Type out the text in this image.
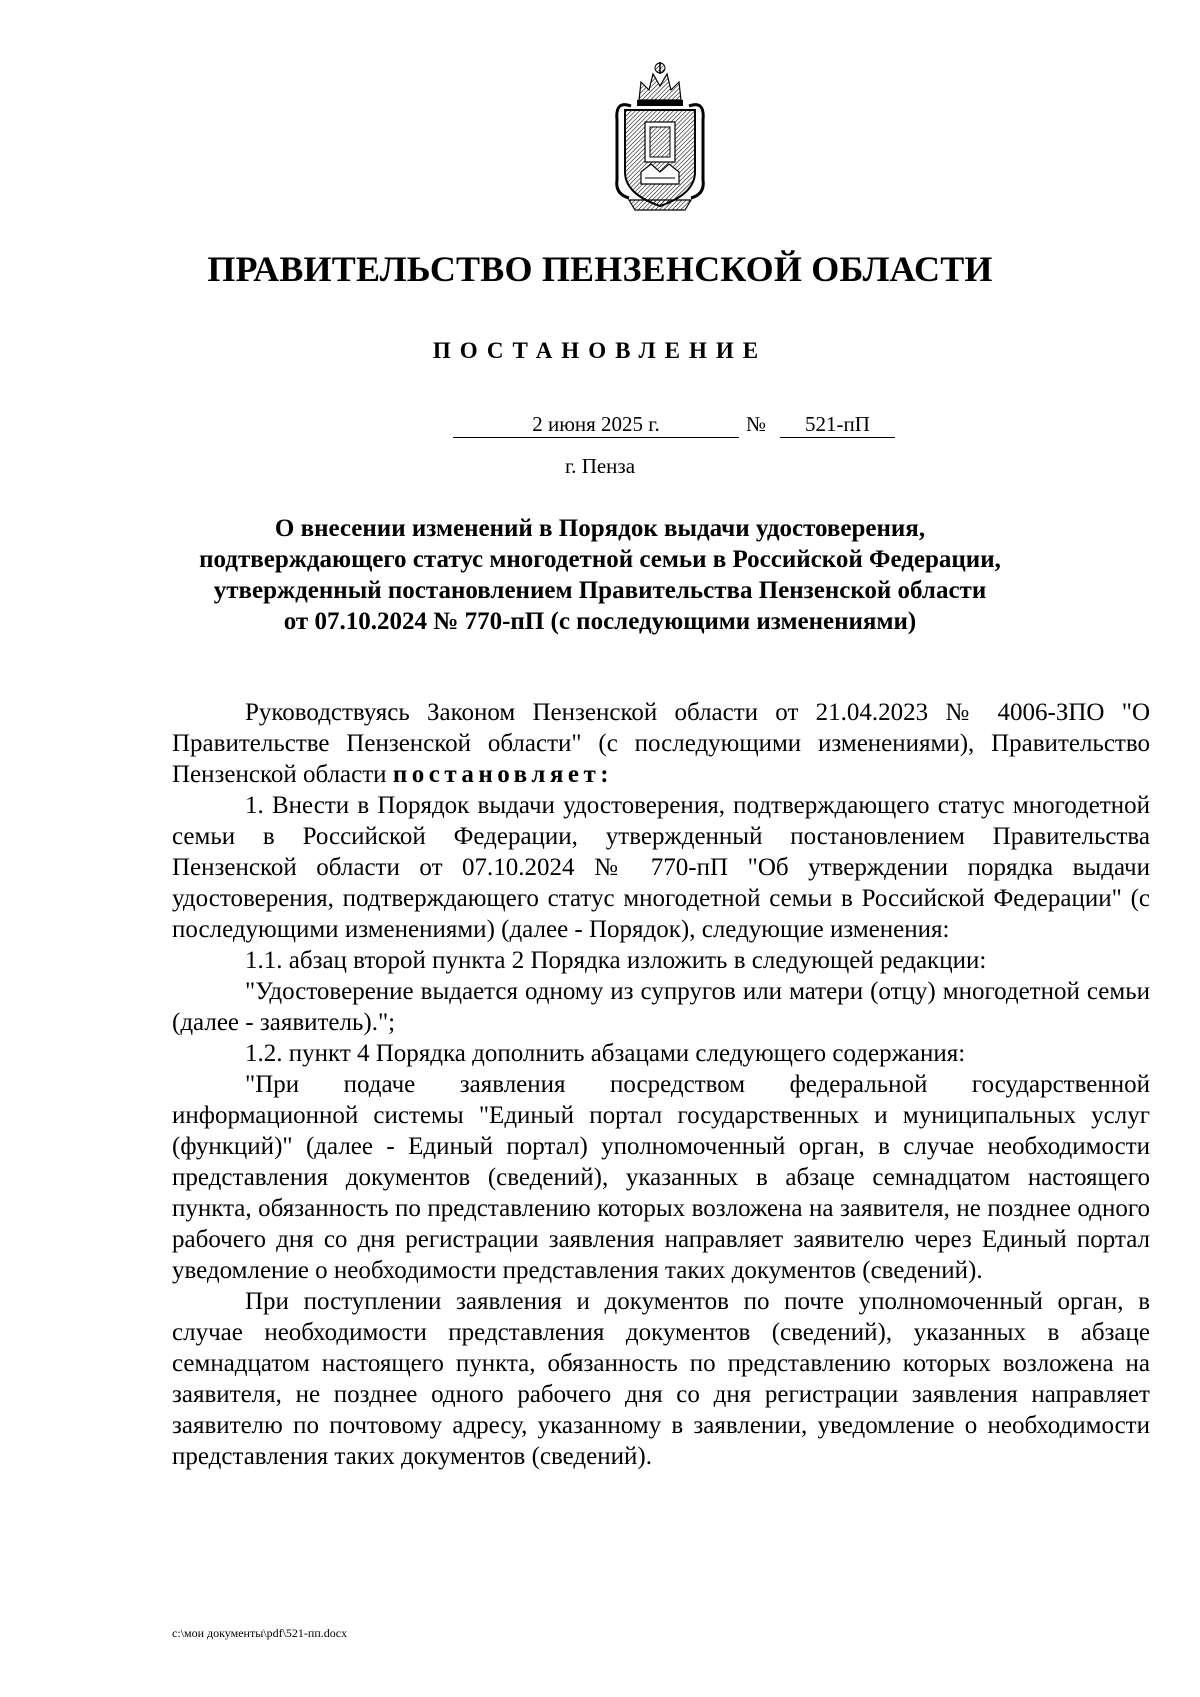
ПРАВИТЕЛЬСТВО ПЕНЗЕНСКОЙ ОБЛАСТИ
ПОСТАНОВЛЕНИЕ
2 июня 2025 г.	№	521-пП
г. Пенза
О внесении изменений в Порядок выдачи удостоверения,
подтверждающего статус многодетной семьи в Российской Федерации,
утвержденный постановлением Правительства Пензенской области
от 07.10.2024 № 770-пП (с последующими изменениями)

Руководствуясь Законом Пензенской области от 21.04.2023 № 4006-ЗПО "О Правительстве Пензенской области" (с последующими изменениями), Правительство Пензенской области постановляет:

1. Внести в Порядок выдачи удостоверения, подтверждающего статус многодетной семьи в Российской Федерации, утвержденный постановлением Правительства Пензенской области от 07.10.2024 № 770-пП "Об утверждении порядка выдачи удостоверения, подтверждающего статус многодетной семьи в Российской Федерации" (с последующими изменениями) (далее - Порядок), следующие изменения:

1.1. абзац второй пункта 2 Порядка изложить в следующей редакции:

"Удостоверение выдается одному из супругов или матери (отцу) многодетной семьи (далее - заявитель).";

1.2. пункт 4 Порядка дополнить абзацами следующего содержания:

"При подаче заявления посредством федеральной государственной информационной системы "Единый портал государственных и муниципальных услуг (функций)" (далее - Единый портал) уполномоченный орган, в случае необходимости представления документов (сведений), указанных в абзаце семнадцатом настоящего пункта, обязанность по представлению которых возложена на заявителя, не позднее одного рабочего дня со дня регистрации заявления направляет заявителю через Единый портал уведомление о необходимости представления таких документов (сведений).

При поступлении заявления и документов по почте уполномоченный орган, в случае необходимости представления документов (сведений), указанных в абзаце семнадцатом настоящего пункта, обязанность по представлению которых возложена на заявителя, не позднее одного рабочего дня со дня регистрации заявления направляет заявителю по почтовому адресу, указанному в заявлении, уведомление о необходимости представления таких документов (сведений).

c:\мои документы\pdf\521-пп.docx
